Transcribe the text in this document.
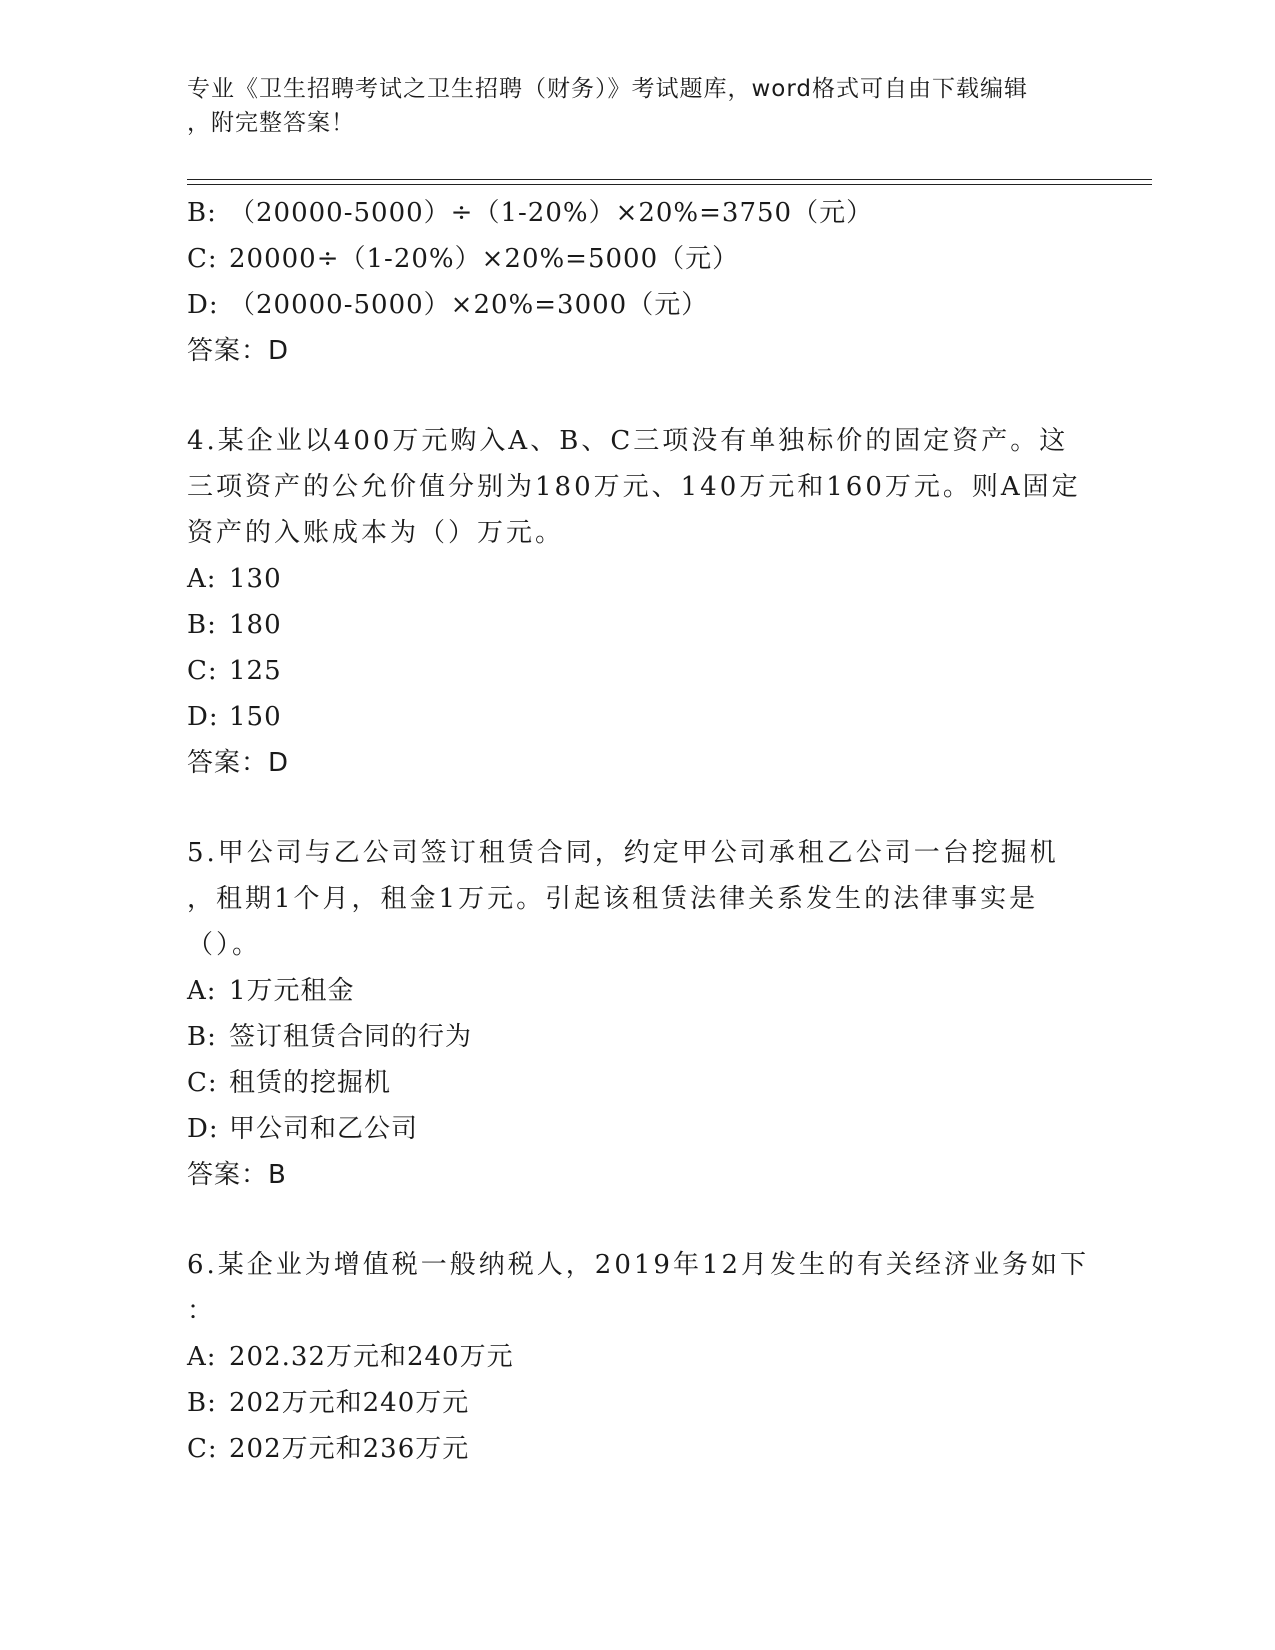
专业《卫生招聘考试之卫生招聘（财务）》考试题库，word格式可自由下载编辑
，附完整答案！
B: （20000-5000）÷（1-20%）×20%=3750（元）
C: 20000÷（1-20%）×20%=5000（元）
D: （20000-5000）×20%=3000（元）
答案：D
4.某企业以400万元购入A、B、C三项没有单独标价的固定资产。这
三项资产的公允价值分别为180万元、140万元和160万元。则A固定
资产的入账成本为（）万元。
A: 130
B: 180
C: 125
D: 150
答案：D
5.甲公司与乙公司签订租赁合同，约定甲公司承租乙公司一台挖掘机
，租期1个月，租金1万元。引起该租赁法律关系发生的法律事实是
（）。
A: 1万元租金
B: 签订租赁合同的行为
C: 租赁的挖掘机
D: 甲公司和乙公司
答案：B
6.某企业为增值税一般纳税人，2019年12月发生的有关经济业务如下
：
A: 202.32万元和240万元
B: 202万元和240万元
C: 202万元和236万元
